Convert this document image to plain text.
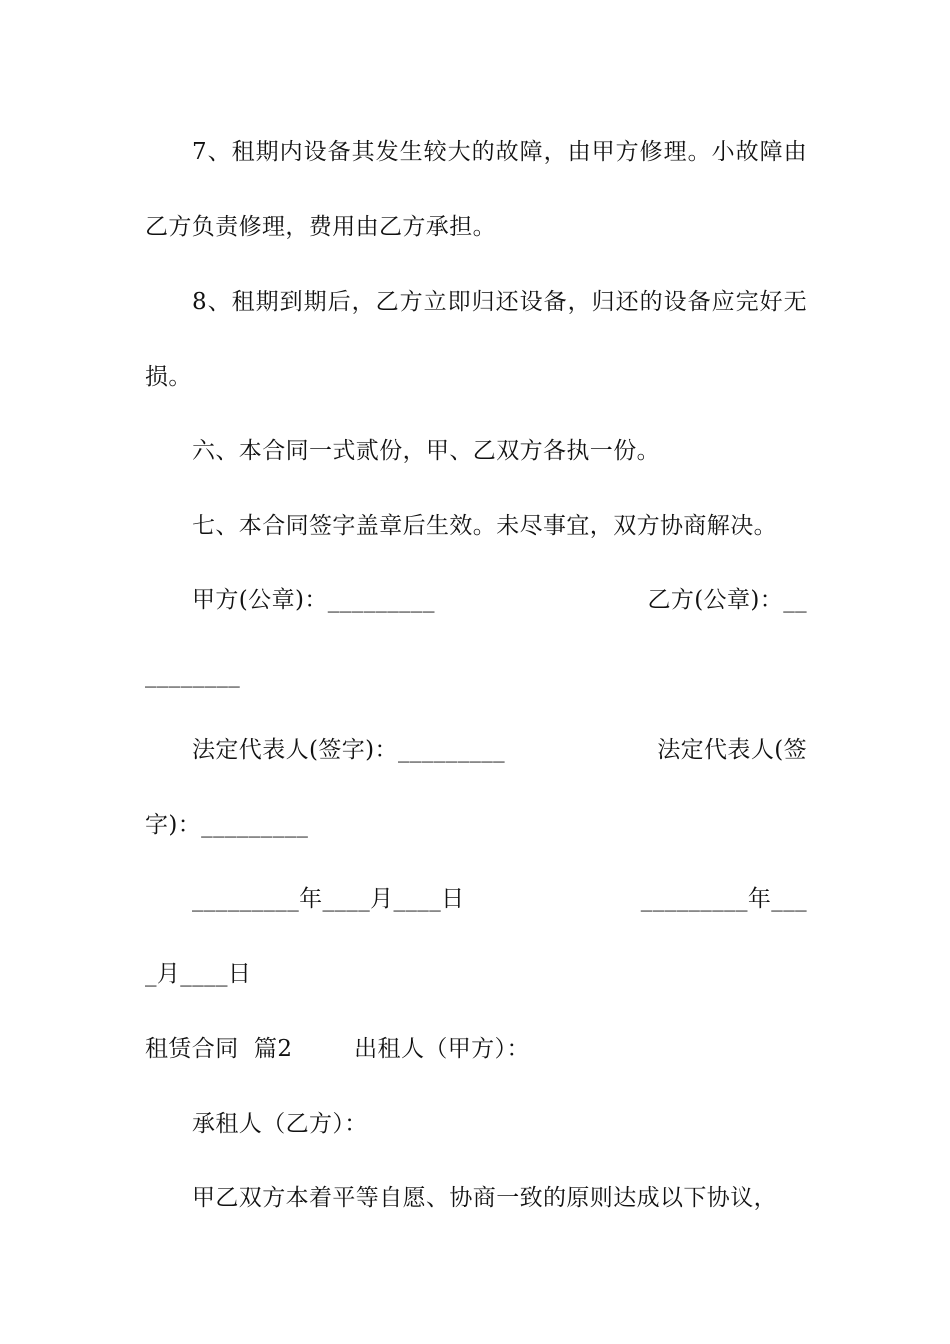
7、租期内设备其发生较大的故障，由甲方修理。小故障由
乙方负责修理，费用由乙方承担。
8、租期到期后，乙方立即归还设备，归还的设备应完好无
损。
六、本合同一式贰份，甲、乙双方各执一份。
七、本合同签字盖章后生效。未尽事宜，双方协商解决。
甲方(公章)：_________	乙方(公章)：__
________
法定代表人(签字)：_________	法定代表人(签
字)：_________
_________年____月____日	_________年___
_月____日
租赁合同  篇2        出租人（甲方）：
承租人（乙方）：
甲乙双方本着平等自愿、协商一致的原则达成以下协议，
